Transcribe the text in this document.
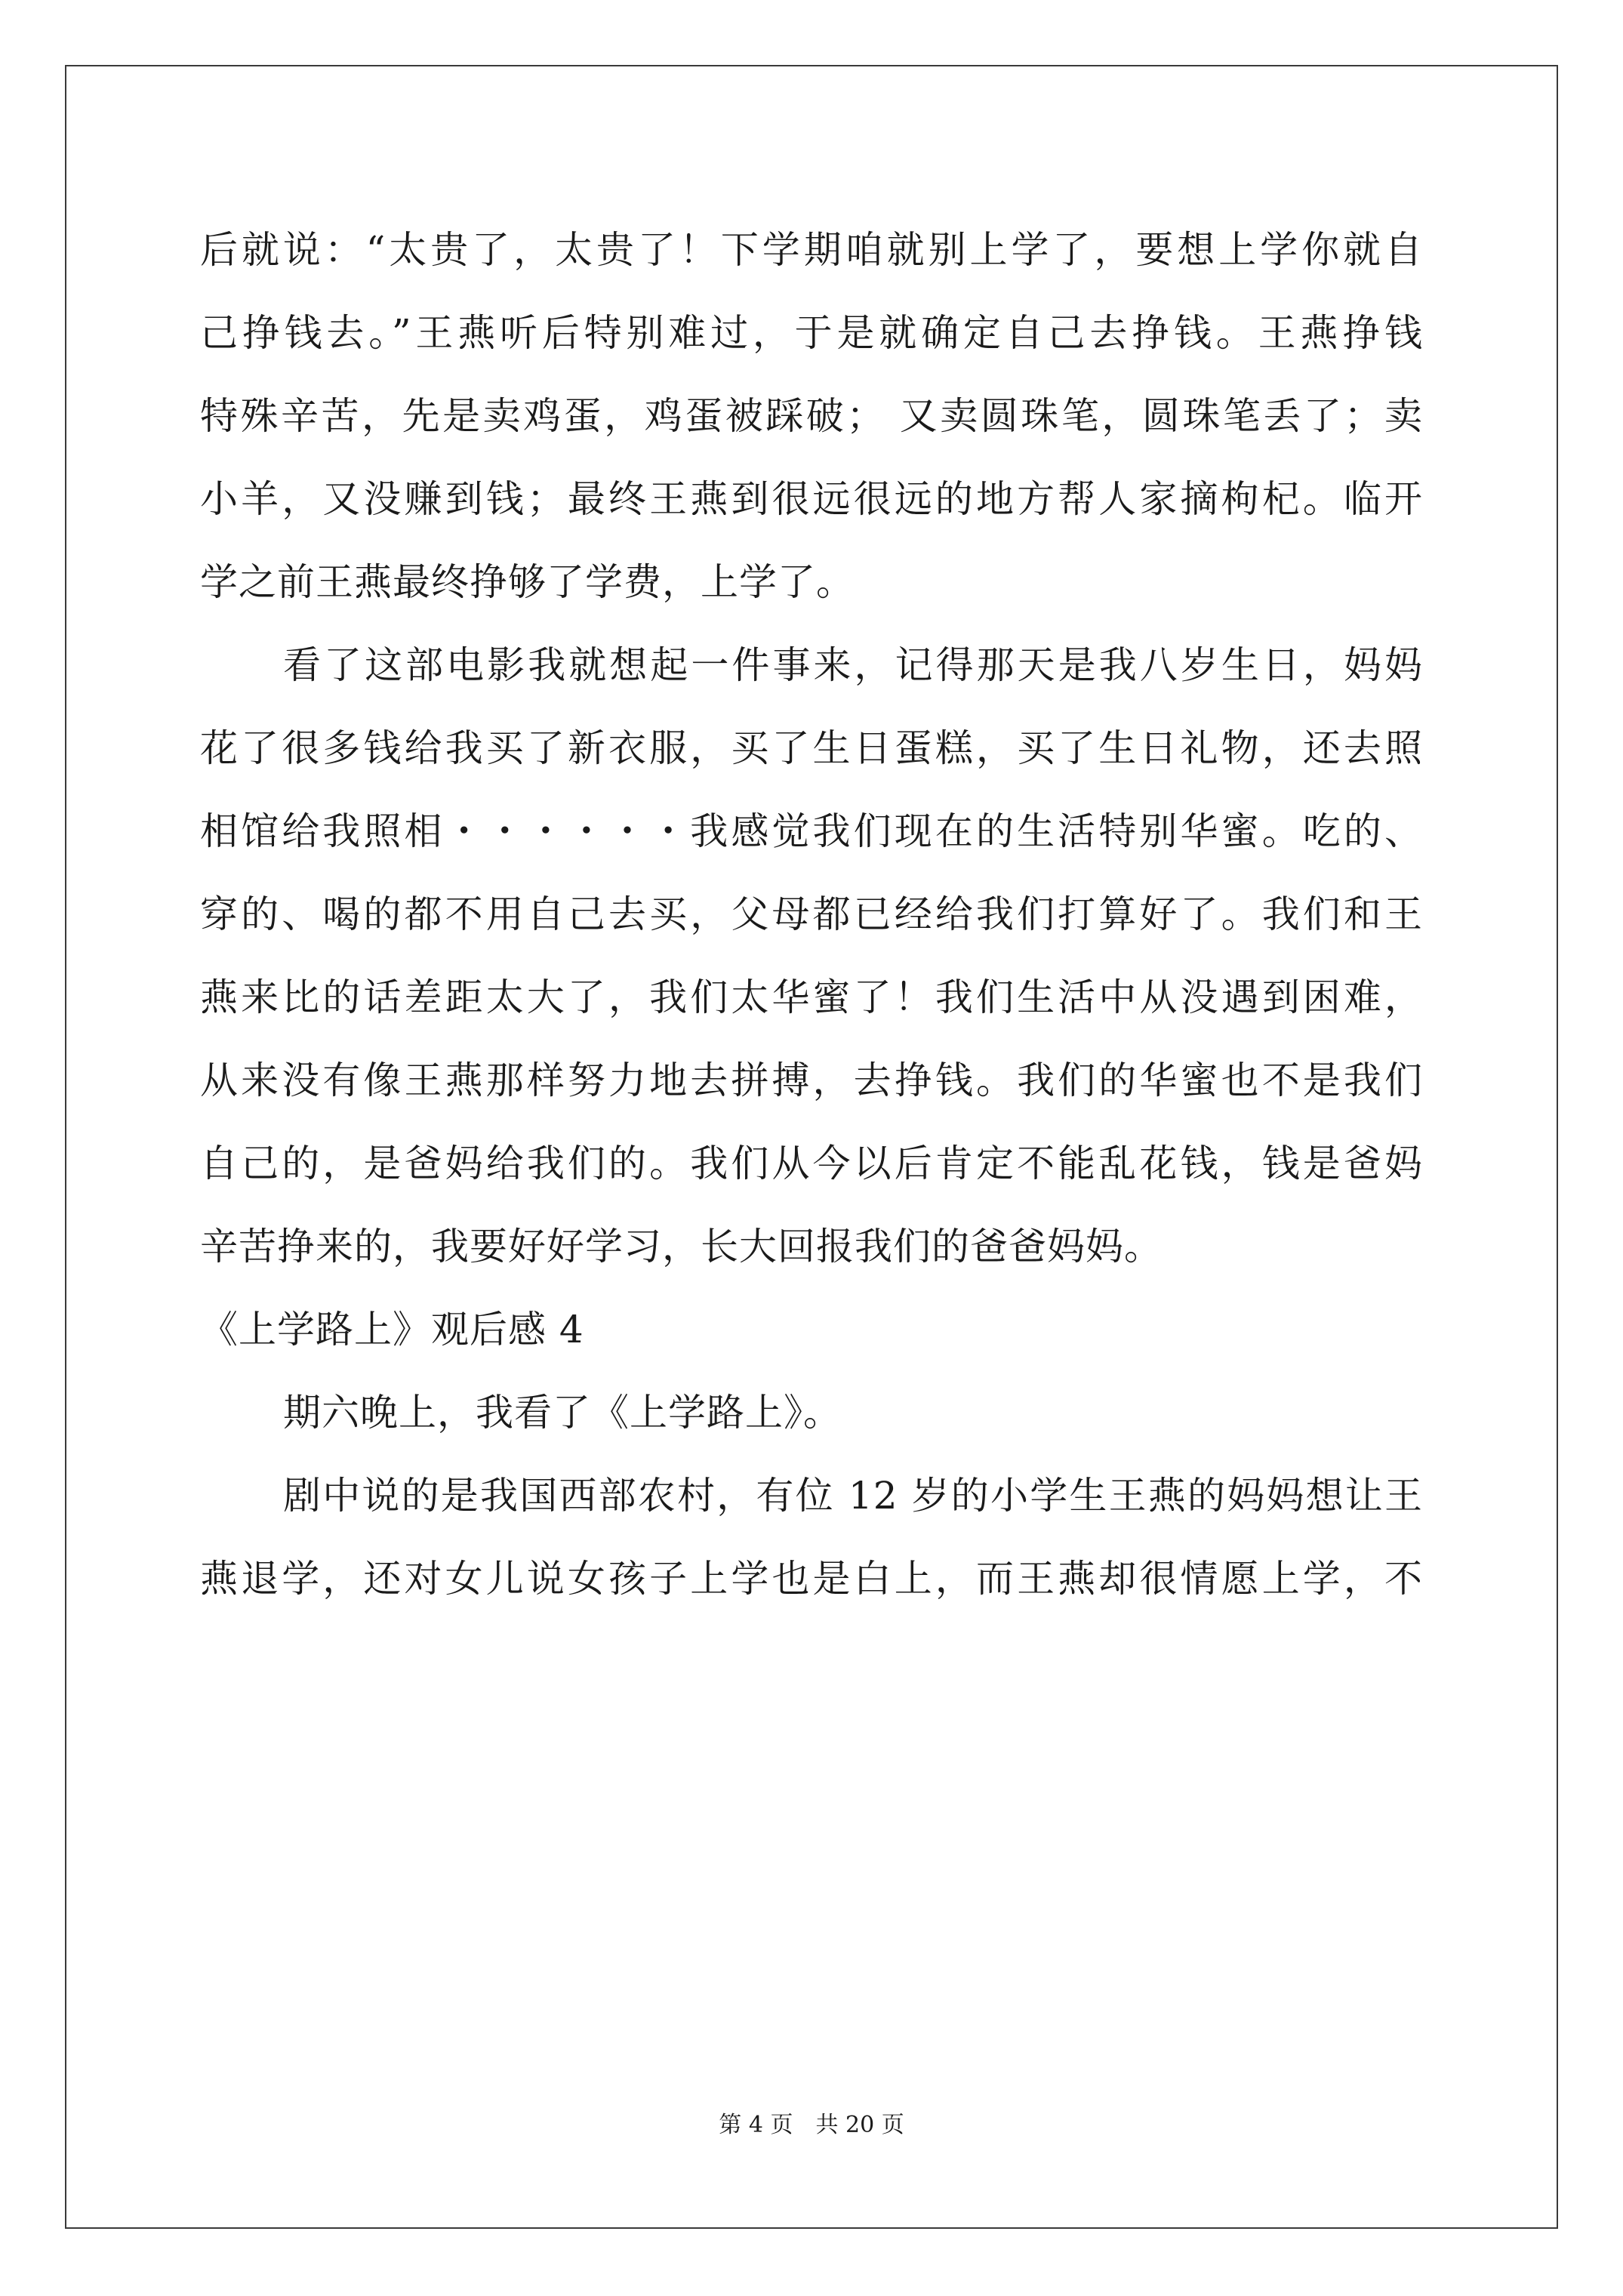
后就说：“太贵了，太贵了！下学期咱就别上学了，要想上学你就自
己挣钱去。”王燕听后特别难过，于是就确定自己去挣钱。王燕挣钱
特殊辛苦，先是卖鸡蛋，鸡蛋被踩破； 又卖圆珠笔，圆珠笔丢了；卖
小羊，又没赚到钱；最终王燕到很远很远的地方帮人家摘枸杞。临开
学之前王燕最终挣够了学费，上学了。
看了这部电影我就想起一件事来，记得那天是我八岁生日，妈妈
花了很多钱给我买了新衣服，买了生日蛋糕，买了生日礼物，还去照
相馆给我照相・・・・・・我感觉我们现在的生活特别华蜜。吃的、
穿的、喝的都不用自己去买，父母都已经给我们打算好了。我们和王
燕来比的话差距太大了，我们太华蜜了！我们生活中从没遇到困难，
从来没有像王燕那样努力地去拼搏，去挣钱。我们的华蜜也不是我们
自己的，是爸妈给我们的。我们从今以后肯定不能乱花钱，钱是爸妈
辛苦挣来的，我要好好学习，长大回报我们的爸爸妈妈。
《上学路上》观后感 4
期六晚上，我看了《上学路上》。
剧中说的是我国西部农村，有位 12 岁的小学生王燕的妈妈想让王
燕退学，还对女儿说女孩子上学也是白上，而王燕却很情愿上学，不
第 4 页　共 20 页
